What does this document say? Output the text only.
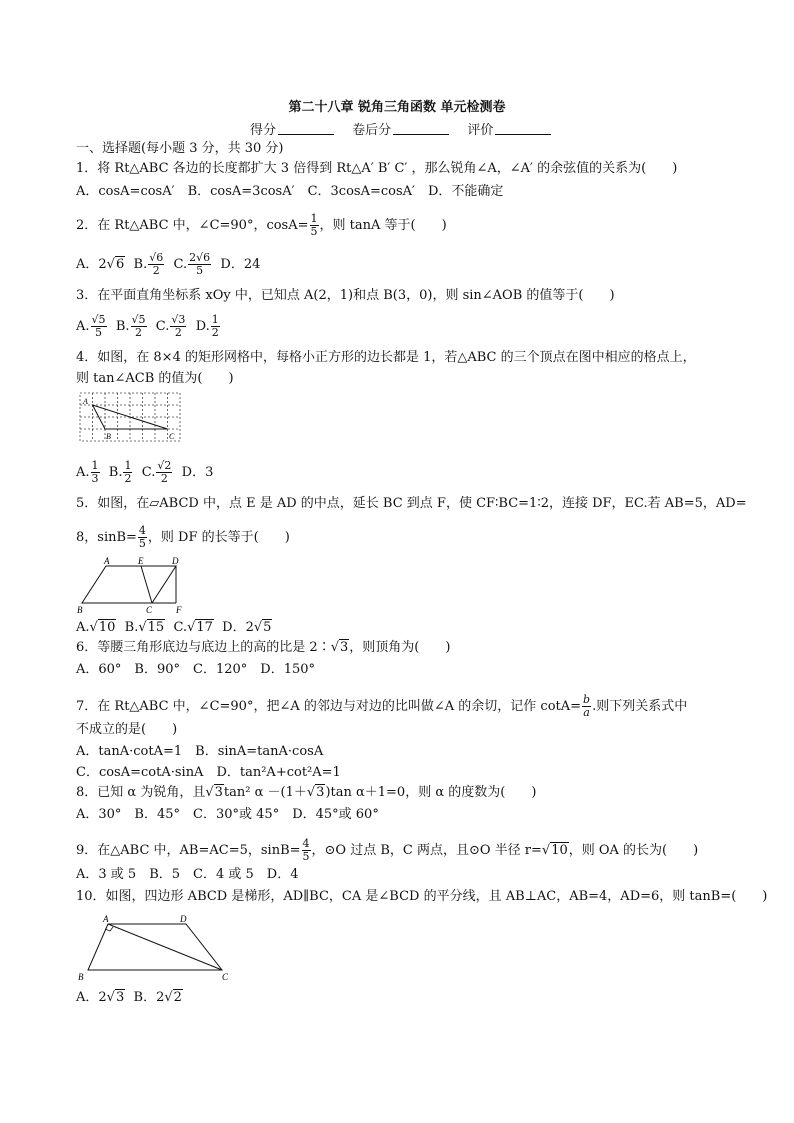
第二十八章 锐角三角函数 单元检测卷
得分	卷后分	评价
一、选择题(每小题 3 分，共 30 分)
1．将 Rt△ABC 各边的长度都扩大 3 倍得到 Rt△A′ B′ C′ ，那么锐角∠A，∠A′ 的余弦值的关系为(　　)
A．cosA=cosA′　B．cosA=3cosA′　C．3cosA=cosA′　D．不能确定
2．在 Rt△ABC 中，∠C=90°，$\cos A= \frac{1}{5}$ ，则 tanA 等于(　　)
A．2√6 B. $\frac{√6}{2} C$. $\frac{2√6}{5}$ D．24
3．在平面直角坐标系 xOy 中，已知点 A(2，1)和点 B(3，0)，则 sin∠AOB 的值等于(　　)
A. $\frac{√5}{5} B$. $\frac{√5}{2} C$. $\frac{√3}{2} D$. $\frac{1}{2}$
4．如图，在 8×4 的矩形网格中，每格小正方形的边长都是 1，若△ABC 的三个顶点在图中相应的格点上，
则 tan∠ACB 的值为(　　)
A
B	C
A. $\frac{1}{3} B$. $\frac{1}{2} C$. $\frac{√2}{2}$ D．3
5．如图，在▱ABCD 中，点 E 是 AD 的中点，延长 BC 到点 F，使 CF∶BC=1∶2，连接 DF，EC.若 AB=5，AD=
8，$\sin B= \frac{4}{5}$ ，则 DF 的长等于(　　)
A	E	D
B	C	F
A.√10 B.√15 C.√17 D．2√5
6．等腰三角形底边与底边上的高的比是 2∶√3，则顶角为(　　)
A．60°　B．90°　C．120°　D．150°
7．在 Rt△ABC 中，∠C=90°，把∠A 的邻边与对边的比叫做∠A 的余切，记作 $\cot A= \frac{b}{a}$ .则下列关系式中
不成立的是(　　)
A．tanA·cotA=1　B．sinA=tanA·cosA
C．cosA=cotA·sinA　D．tan²A+cot²A=1
8．已知 α 为锐角，且√3tan² α －(1＋√3)tan α＋1=0，则 α 的度数为(　　)
A．30°　B．45°　C．30°或 45°　D．45°或 60°
9．在△ABC 中，AB=AC=5，$\sin B= \frac{4}{5}$ ，⊙O 过点 B，C 两点，且⊙O 半径 r=√10，则 OA 的长为(　　)
A．3 或 5　B．5　C．4 或 5　D．4
10．如图，四边形 ABCD 是梯形，AD∥BC，CA 是∠BCD 的平分线，且 AB⊥AC，AB=4，AD=6，则 tanB=(　　)
A	D
B	C
A．2√3 B．2√2
